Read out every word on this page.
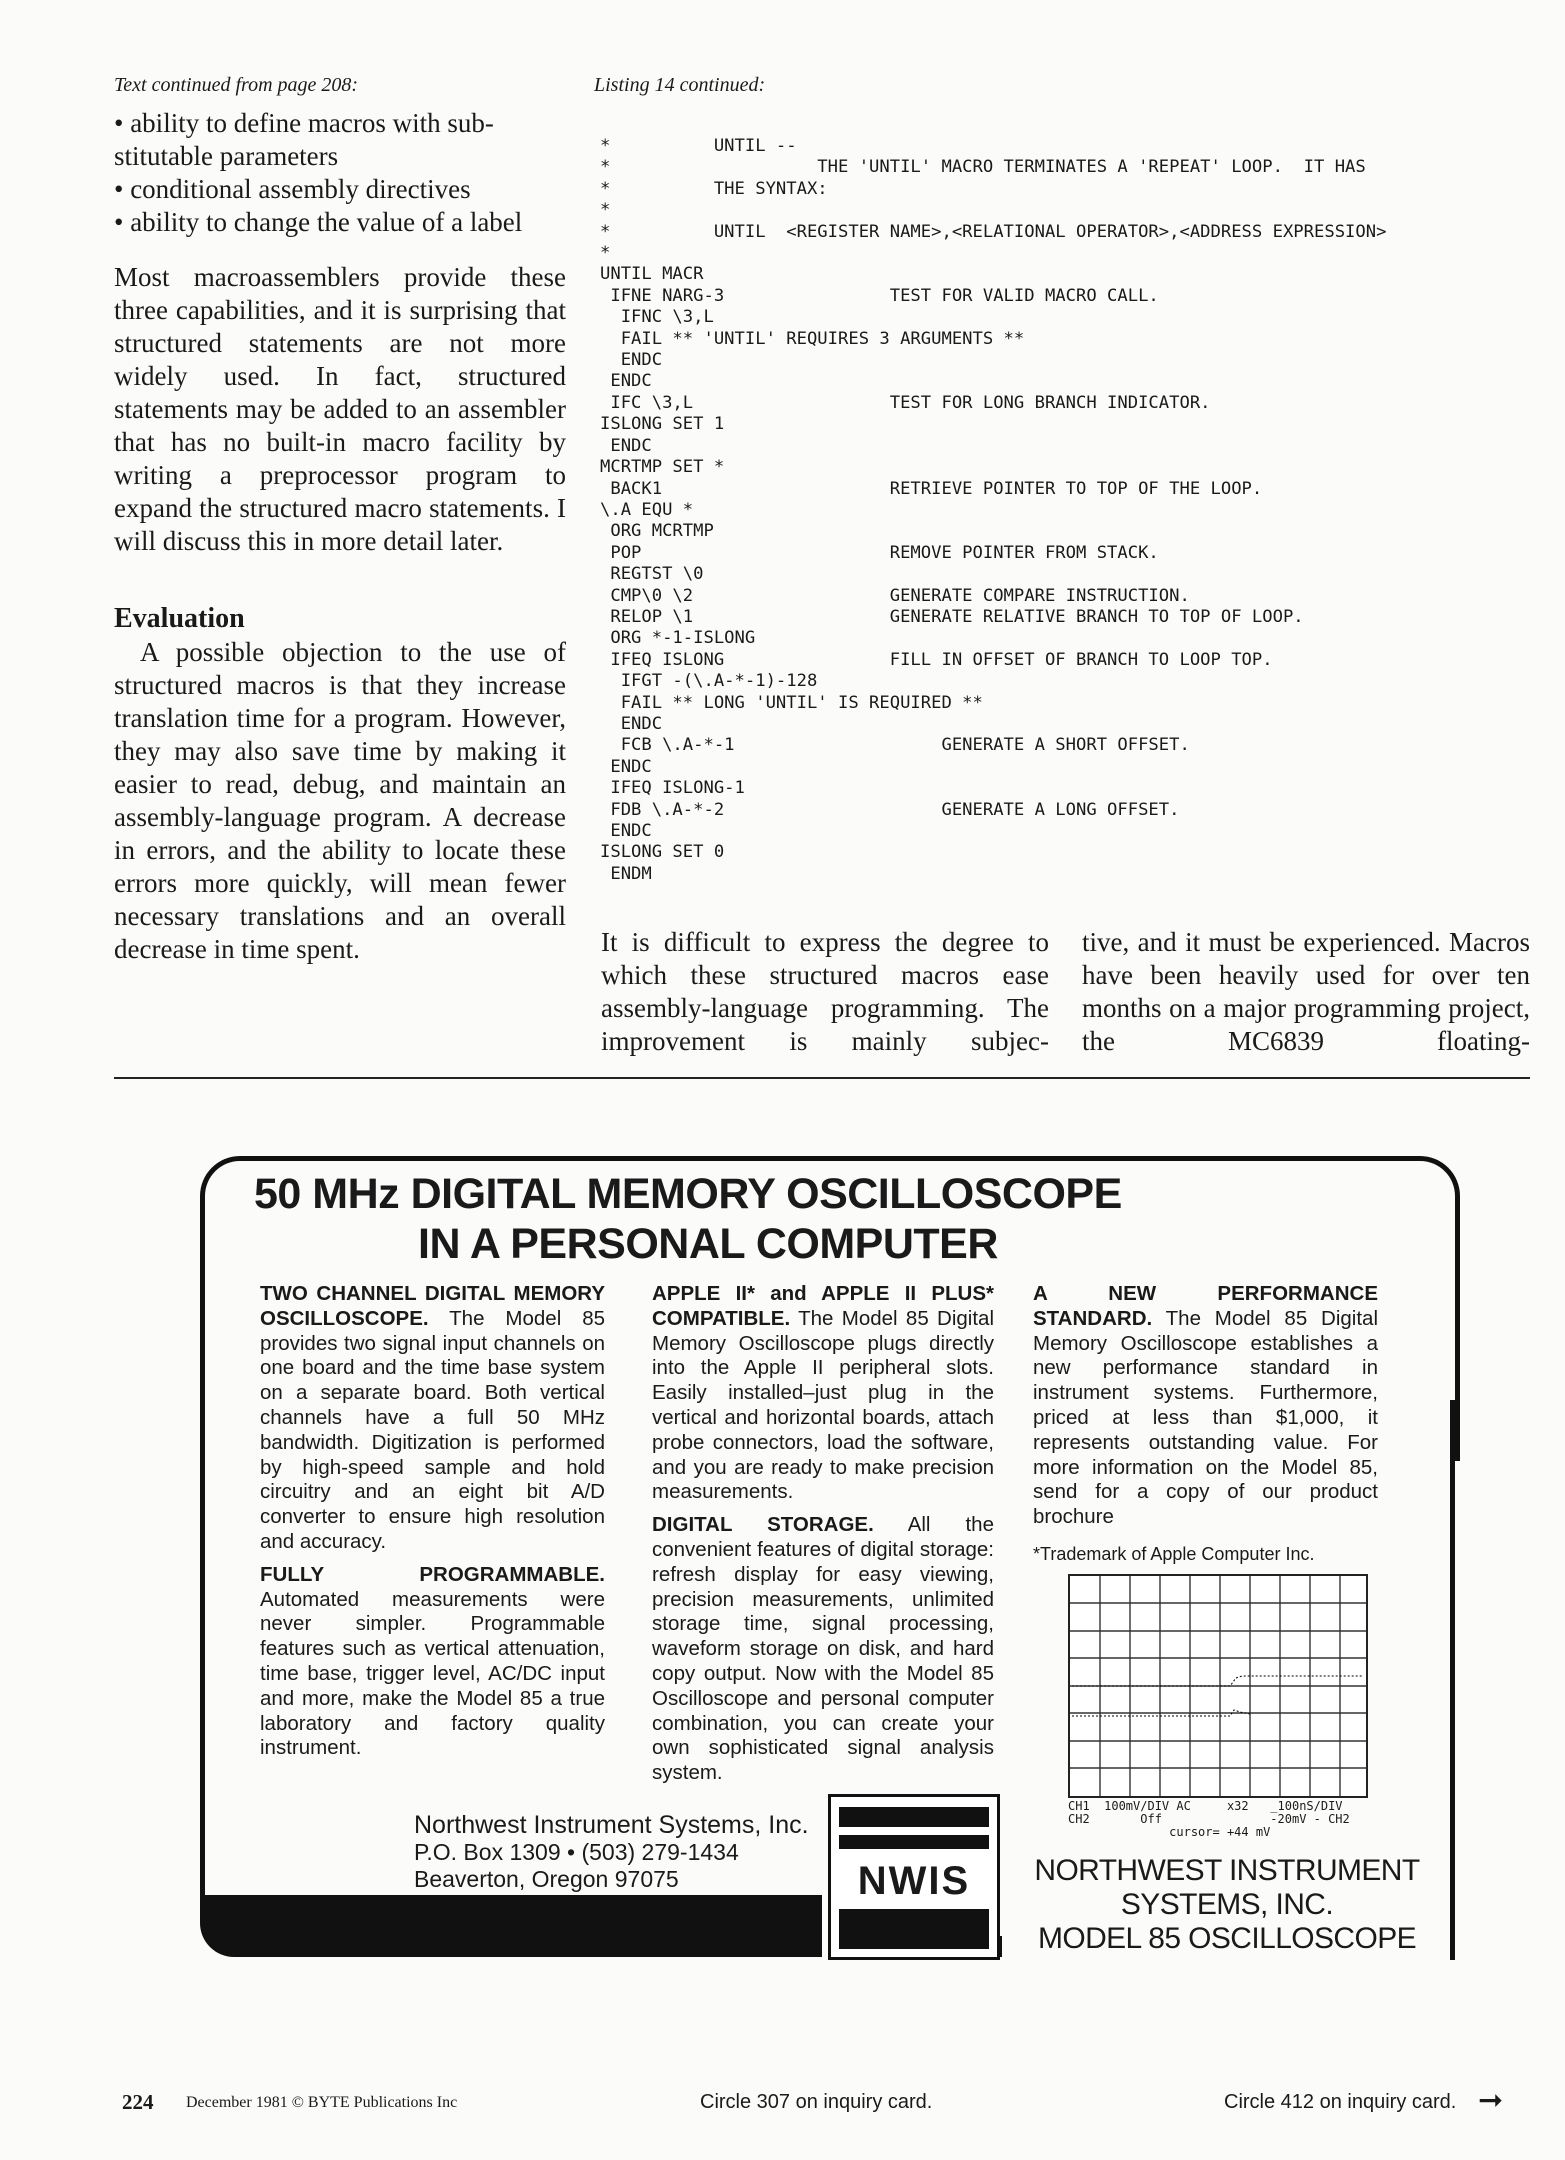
Text continued from page 208:
• ability to define macros with sub-stitutable parameters
• conditional assembly directives
• ability to change the value of a label
Most macroassemblers provide these three capabilities, and it is surprising that structured statements are not more widely used. In fact, structured statements may be added to an assembler that has no built-in macro facility by writing a preprocessor program to expand the structured macro statements. I will discuss this in more detail later.
Evaluation
A possible objection to the use of structured macros is that they increase translation time for a program. However, they may also save time by making it easier to read, debug, and maintain an assembly-language program. A decrease in errors, and the ability to locate these errors more quickly, will mean fewer necessary translations and an overall decrease in time spent.
Listing 14 continued:
*          UNTIL --
*                    THE 'UNTIL' MACRO TERMINATES A 'REPEAT' LOOP.  IT HAS
*          THE SYNTAX:
*
*          UNTIL  <REGISTER NAME>,<RELATIONAL OPERATOR>,<ADDRESS EXPRESSION>
*
UNTIL MACR
IFNE NARG-3                TEST FOR VALID MACRO CALL.
IFNC \3,L
FAIL ** 'UNTIL' REQUIRES 3 ARGUMENTS **
ENDC
ENDC
IFC \3,L                   TEST FOR LONG BRANCH INDICATOR.
ISLONG SET 1
ENDC
MCRTMP SET *
BACK1                      RETRIEVE POINTER TO TOP OF THE LOOP.
\.A EQU *
ORG MCRTMP
POP                        REMOVE POINTER FROM STACK.
REGTST \0
CMP\0 \2                   GENERATE COMPARE INSTRUCTION.
RELOP \1                   GENERATE RELATIVE BRANCH TO TOP OF LOOP.
ORG *-1-ISLONG
IFEQ ISLONG                FILL IN OFFSET OF BRANCH TO LOOP TOP.
IFGT -(\.A-*-1)-128
FAIL ** LONG 'UNTIL' IS REQUIRED **
ENDC
FCB \.A-*-1                    GENERATE A SHORT OFFSET.
ENDC
IFEQ ISLONG-1
FDB \.A-*-2                     GENERATE A LONG OFFSET.
ENDC
ISLONG SET 0
ENDM
It is difficult to express the degree to which these structured macros ease assembly-language programming. The improvement is mainly subjec-
tive, and it must be experienced. Macros have been heavily used for over ten months on a major programming project, the MC6839 floating-
50 MHz DIGITAL MEMORY OSCILLOSCOPE
IN A PERSONAL COMPUTER

TWO CHANNEL DIGITAL MEMORY OSCILLOSCOPE. The Model 85 provides two signal input channels on one board and the time base system on a separate board. Both vertical channels have a full 50 MHz bandwidth. Digitization is performed by high-speed sample and hold circuitry and an eight bit A/D converter to ensure high resolution and accuracy.

FULLY PROGRAMMABLE. Automated measurements were never simpler. Programmable features such as vertical attenuation, time base, trigger level, AC/DC input and more, make the Model 85 a true laboratory and factory quality instrument.

APPLE II* and APPLE II PLUS* COMPATIBLE. The Model 85 Digital Memory Oscilloscope plugs directly into the Apple II peripheral slots. Easily installed–just plug in the vertical and horizontal boards, attach probe connectors, load the software, and you are ready to make precision measurements.

DIGITAL STORAGE. All the convenient features of digital storage: refresh display for easy viewing, precision measurements, unlimited storage time, signal processing, waveform storage on disk, and hard copy output. Now with the Model 85 Oscilloscope and personal computer combination, you can create your own sophisticated signal analysis system.

A NEW PERFORMANCE STANDARD. The Model 85 Digital Memory Oscilloscope establishes a new performance standard in instrument systems. Furthermore, priced at less than $1,000, it represents outstanding value. For more information on the Model 85, send for a copy of our product brochure

*Trademark of Apple Computer Inc.
CH1  100mV/DIV AC     x32   _100nS/DIV
CH2       Off               -20mV - CH2
cursor= +44 mV
NWIS
Northwest Instrument Systems, Inc.
P.O. Box 1309 • (503) 279-1434
Beaverton, Oregon 97075	NORTHWEST INSTRUMENT
SYSTEMS, INC.
MODEL 85 OSCILLOSCOPE
224 December 1981 © BYTE Publications Inc	Circle 307 on inquiry card.	Circle 412 on inquiry card. ➞
